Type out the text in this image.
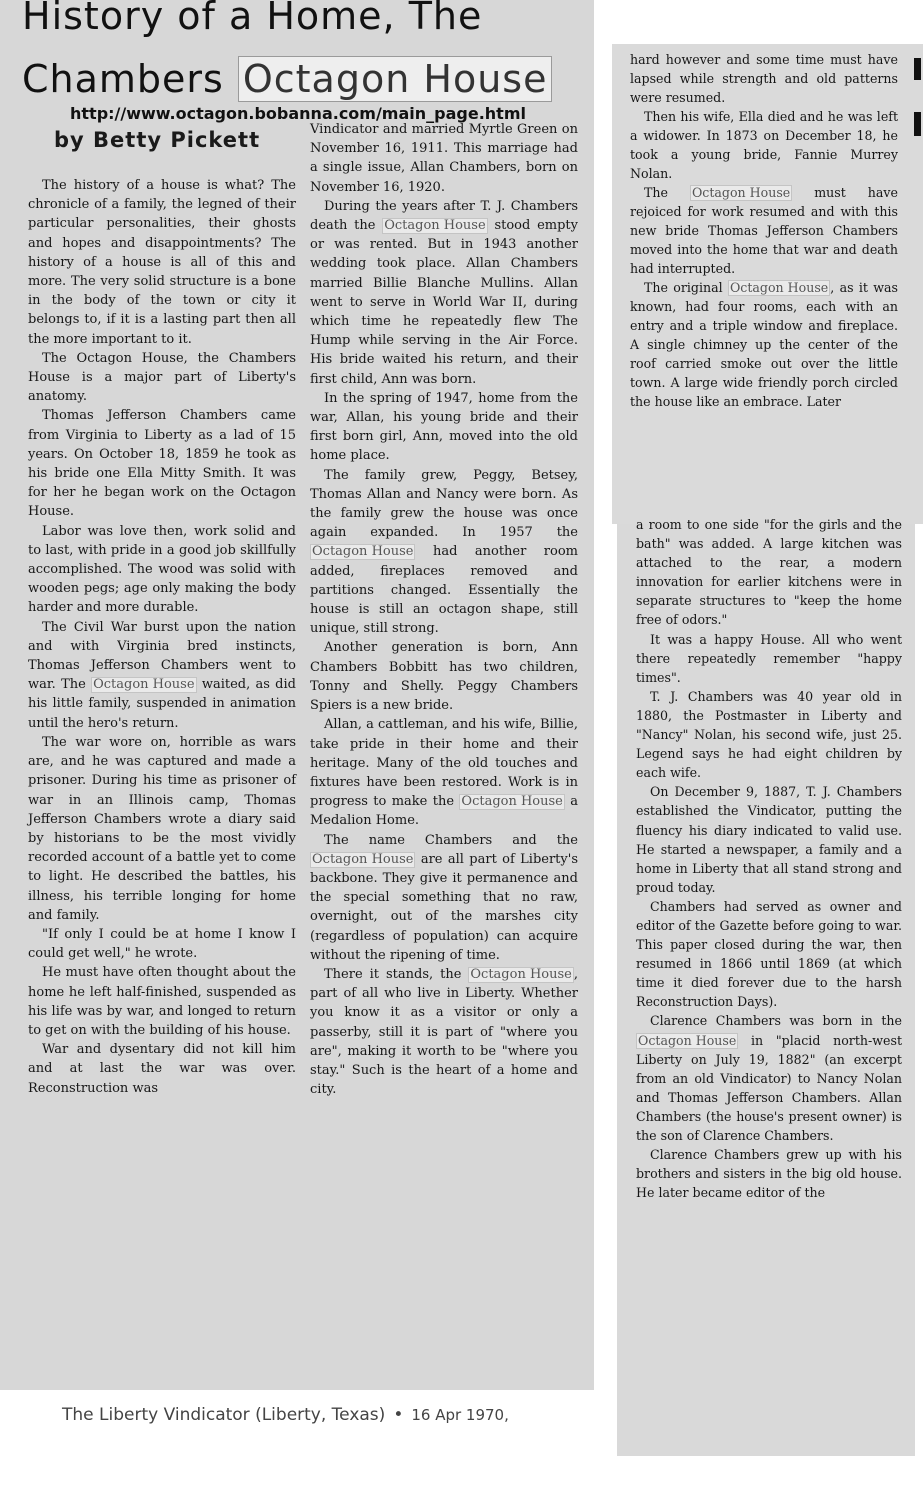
History of a Home, The
Chambers Octagon House
by Betty Pickett

The history of a house is what? The chronicle of a family, the legned of their particular personalities, their ghosts and hopes and disappointments? The history of a house is all of this and more. The very solid structure is a bone in the body of the town or city it belongs to, if it is a lasting part then all the more important to it.

The Octagon House, the Chambers House is a major part of Liberty's anatomy.

Thomas Jefferson Chambers came from Virginia to Liberty as a lad of 15 years. On October 18, 1859 he took as his bride one Ella Mitty Smith. It was for her he began work on the Octagon House.

Labor was love then, work solid and to last, with pride in a good job skillfully accomplished. The wood was solid with wooden pegs; age only making the body harder and more durable.

The Civil War burst upon the nation and with Virginia bred instincts, Thomas Jefferson Chambers went to war. The Octagon House waited, as did his little family, suspended in animation until the hero's return.

The war wore on, horrible as wars are, and he was captured and made a prisoner. During his time as prisoner of war in an Illinois camp, Thomas Jefferson Chambers wrote a diary said by historians to be the most vividly recorded account of a battle yet to come to light. He described the battles, his illness, his terrible longing for home and family.

"If only I could be at home I know I could get well," he wrote.

He must have often thought about the home he left half-finished, suspended as his life was by war, and longed to return to get on with the building of his house.

War and dysentary did not kill him and at last the war was over. Reconstruction was

Vindicator and married Myrtle Green on November 16, 1911. This marriage had a single issue, Allan Chambers, born on November 16, 1920.

During the years after T. J. Chambers death the Octagon House stood empty or was rented. But in 1943 another wedding took place. Allan Chambers married Billie Blanche Mullins. Allan went to serve in World War II, during which time he repeatedly flew The Hump while serving in the Air Force. His bride waited his return, and their first child, Ann was born.

In the spring of 1947, home from the war, Allan, his young bride and their first born girl, Ann, moved into the old home place.

The family grew, Peggy, Betsey, Thomas Allan and Nancy were born. As the family grew the house was once again expanded. In 1957 the Octagon House had another room added, fireplaces removed and partitions changed. Essentially the house is still an octagon shape, still unique, still strong.

Another generation is born, Ann Chambers Bobbitt has two children, Tonny and Shelly. Peggy Chambers Spiers is a new bride.

Allan, a cattleman, and his wife, Billie, take pride in their home and their heritage. Many of the old touches and fixtures have been restored. Work is in progress to make the Octagon House a Medalion Home.

The name Chambers and the Octagon House are all part of Liberty's backbone. They give it permanence and the special something that no raw, overnight, out of the marshes city (regardless of population) can acquire without the ripening of time.

There it stands, the Octagon House , part of all who live in Liberty. Whether you know it as a visitor or only a passerby, still it is part of "where you are", making it worth to be "where you stay." Such is the heart of a home and city.

http://www.octagon.bobanna.com/main_page.html

hard however and some time must have lapsed while strength and old patterns were resumed.

Then his wife, Ella died and he was left a widower. In 1873 on December 18, he took a young bride, Fannie Murrey Nolan.

The Octagon House must have rejoiced for work resumed and with this new bride Thomas Jefferson Chambers moved into the home that war and death had interrupted.

The original Octagon House , as it was known, had four rooms, each with an entry and a triple window and fireplace. A single chimney up the center of the roof carried smoke out over the little town. A large wide friendly porch circled the house like an embrace. Later

a room to one side "for the girls and the bath" was added. A large kitchen was attached to the rear, a modern innovation for earlier kitchens were in separate structures to "keep the home free of odors."

It was a happy House. All who went there repeatedly remember "happy times".

T. J. Chambers was 40 year old in 1880, the Postmaster in Liberty and "Nancy" Nolan, his second wife, just 25. Legend says he had eight children by each wife.

On December 9, 1887, T. J. Chambers established the Vindicator, putting the fluency his diary indicated to valid use. He started a newspaper, a family and a home in Liberty that all stand strong and proud today.

Chambers had served as owner and editor of the Gazette before going to war. This paper closed during the war, then resumed in 1866 until 1869 (at which time it died forever due to the harsh Reconstruction Days).

Clarence Chambers was born in the Octagon House in "placid north-west Liberty on July 19, 1882" (an excerpt from an old Vindicator) to Nancy Nolan and Thomas Jefferson Chambers. Allan Chambers (the house's present owner) is the son of Clarence Chambers.

Clarence Chambers grew up with his brothers and sisters in the big old house. He later became editor of the

The Liberty Vindicator (Liberty, Texas) • 16 Apr 1970,
